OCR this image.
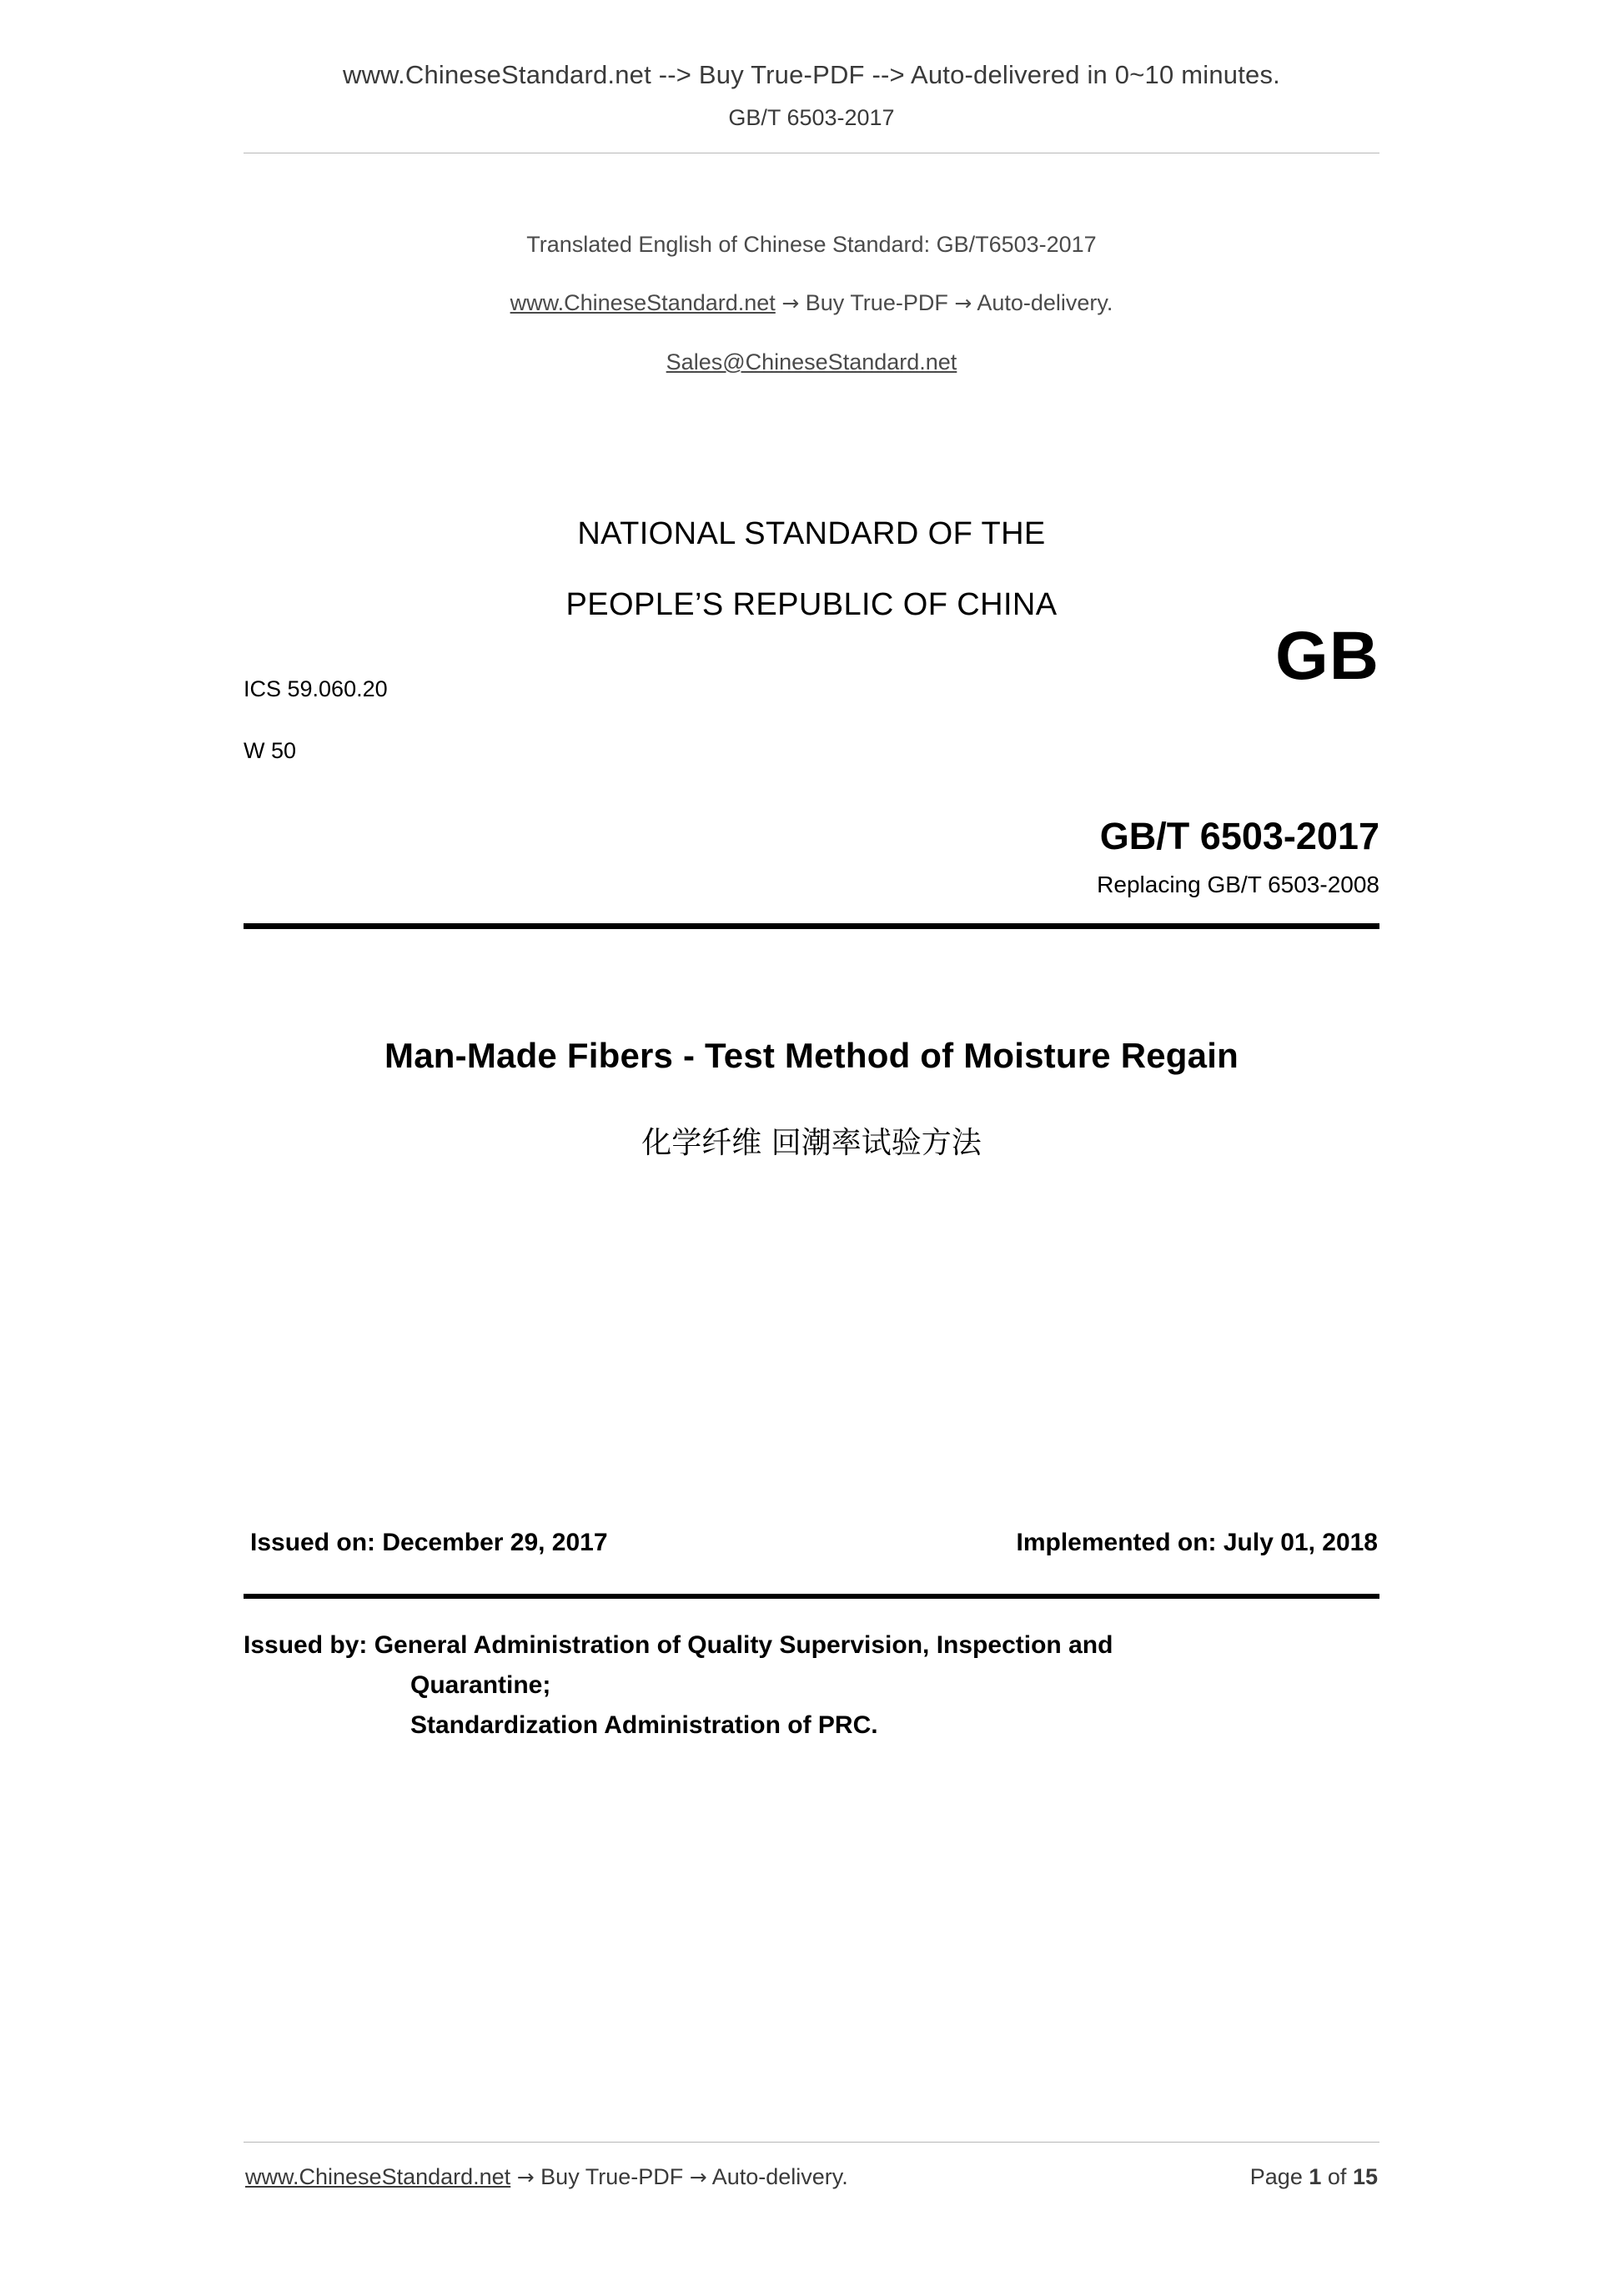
www.ChineseStandard.net --> Buy True-PDF --> Auto-delivered in 0~10 minutes.
GB/T 6503-2017
Translated English of Chinese Standard: GB/T6503-2017
www.ChineseStandard.net → Buy True-PDF → Auto-delivery.
Sales@ChineseStandard.net
GB
NATIONAL STANDARD OF THE
PEOPLE’S REPUBLIC OF CHINA
ICS 59.060.20
W 50
GB/T 6503-2017
Replacing GB/T 6503-2008
Man-Made Fibers - Test Method of Moisture Regain
化学纤维 回潮率试验方法
Issued on: December 29, 2017	Implemented on: July 01, 2018
Issued by: General Administration of Quality Supervision, Inspection and
Quarantine;
Standardization Administration of PRC.
www.ChineseStandard.net → Buy True-PDF → Auto-delivery.	Page 1 of 15
